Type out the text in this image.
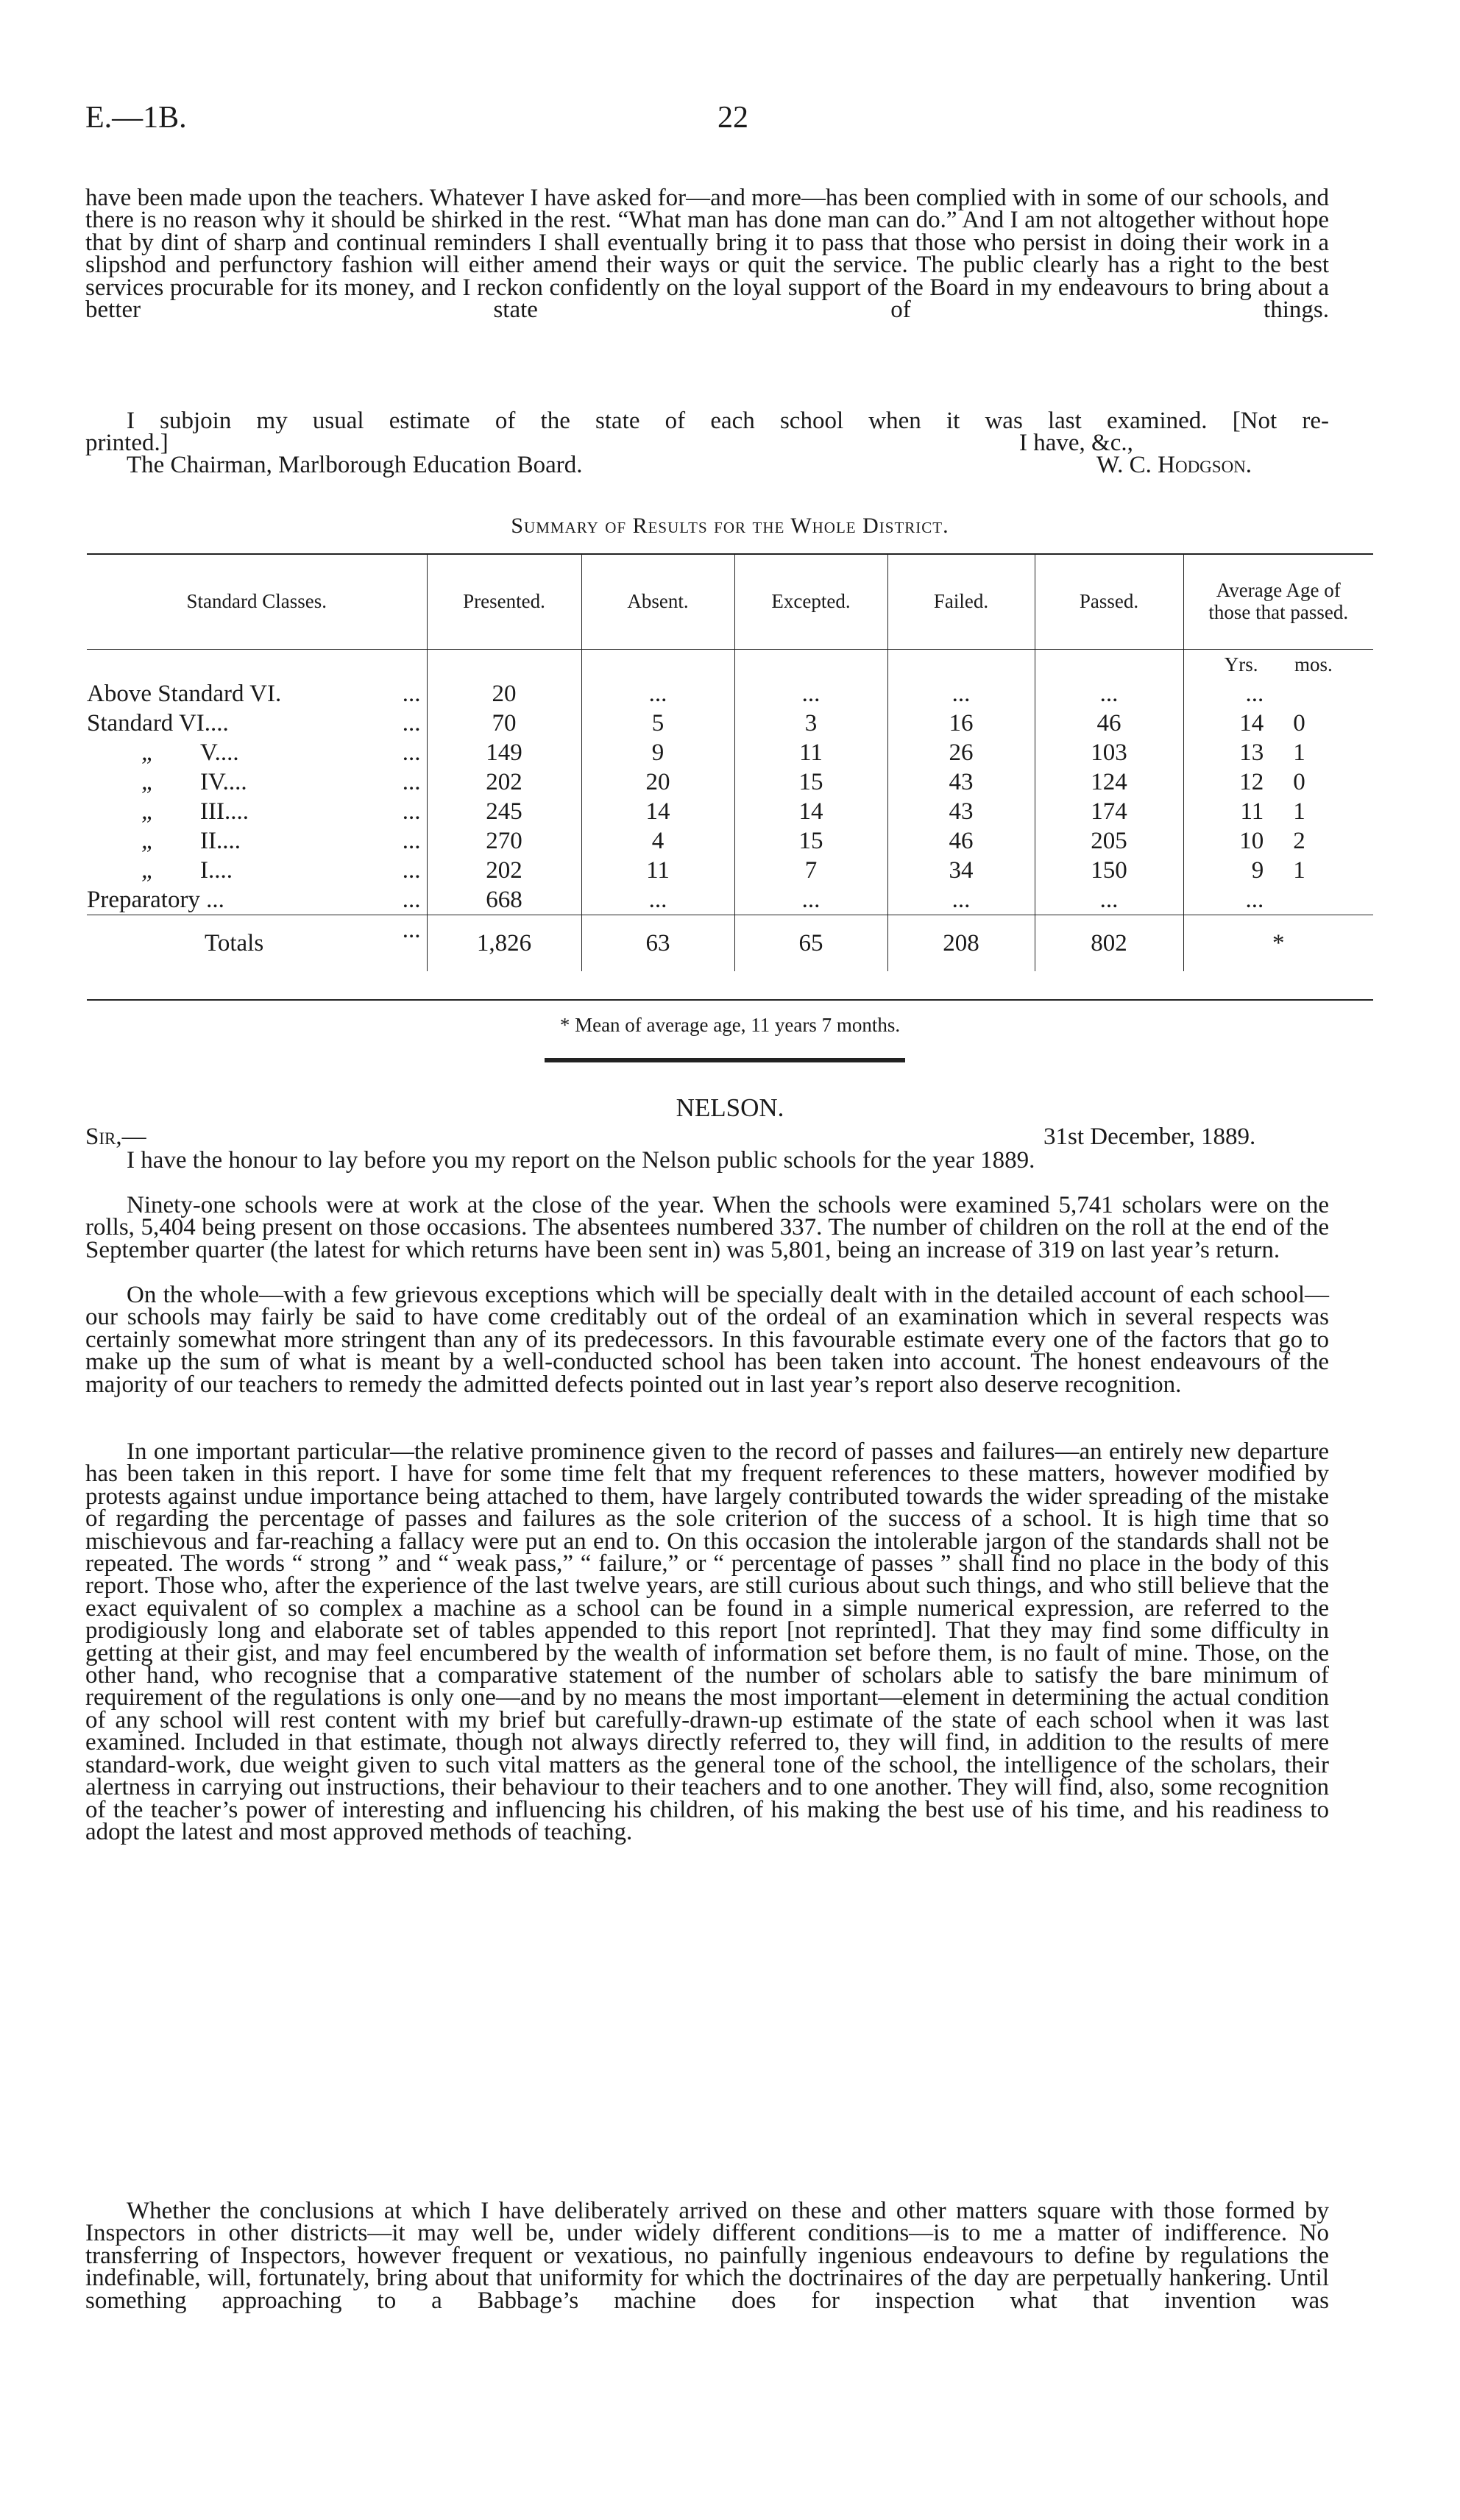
E.—1B.	22
have been made upon the teachers. Whatever I have asked for—and more—has been complied with in some of our schools, and there is no reason why it should be shirked in the rest. “What man has done man can do.” And I am not altogether without hope that by dint of sharp and continual reminders I shall eventually bring it to pass that those who persist in doing their work in a slipshod and perfunctory fashion will either amend their ways or quit the service. The public clearly has a right to the best services procurable for its money, and I reckon confidently on the loyal support of the Board in my endeavours to bring about a better state of things.
I subjoin my usual estimate of the state of each school when it was last examined. [Not re-
printed.]	I have, &c.,
The Chairman, Marlborough Education Board.	W. C. Hodgson.
Summary of Results for the Whole District.
Standard Classes.	Presented.	Absent.	Excepted.	Failed.	Passed.	Average Age of those that passed.
						Yrs. mos.
Above Standard VI. ...	20	...	...	...	...	...
Standard VI.... ...	70	5	3	16	46	14 0
„ V.... ...	149	9	11	26	103	13 1
„ IV.... ...	202	20	15	43	124	12 0
„ III.... ...	245	14	14	43	174	11 1
„ II.... ...	270	4	15	46	205	10 2
„ I.... ...	202	11	7	34	150	9 1
Preparatory ... ...	668	...	...	...	...	...
Totals ...	1,826	63	65	208	802	*
* Mean of average age, 11 years 7 months.
NELSON.
Sir,—	31st December, 1889.
I have the honour to lay before you my report on the Nelson public schools for the year 1889.
Ninety-one schools were at work at the close of the year. When the schools were examined 5,741 scholars were on the rolls, 5,404 being present on those occasions. The absentees numbered 337. The number of children on the roll at the end of the September quarter (the latest for which returns have been sent in) was 5,801, being an increase of 319 on last year’s return.
On the whole—with a few grievous exceptions which will be specially dealt with in the detailed account of each school—our schools may fairly be said to have come creditably out of the ordeal of an examination which in several respects was certainly somewhat more stringent than any of its predecessors. In this favourable estimate every one of the factors that go to make up the sum of what is meant by a well-conducted school has been taken into account. The honest endeavours of the majority of our teachers to remedy the admitted defects pointed out in last year’s report also deserve recognition.
In one important particular—the relative prominence given to the record of passes and failures—an entirely new departure has been taken in this report. I have for some time felt that my frequent references to these matters, however modified by protests against undue importance being attached to them, have largely contributed towards the wider spreading of the mistake of regarding the percentage of passes and failures as the sole criterion of the success of a school. It is high time that so mischievous and far-reaching a fallacy were put an end to. On this occasion the intolerable jargon of the standards shall not be repeated. The words “ strong ” and “ weak pass,” “ failure,” or “ percentage of passes ” shall find no place in the body of this report. Those who, after the experience of the last twelve years, are still curious about such things, and who still believe that the exact equivalent of so complex a machine as a school can be found in a simple numerical expression, are referred to the prodigiously long and elaborate set of tables appended to this report [not reprinted]. That they may find some difficulty in getting at their gist, and may feel encumbered by the wealth of information set before them, is no fault of mine. Those, on the other hand, who recognise that a comparative statement of the number of scholars able to satisfy the bare minimum of requirement of the regulations is only one—and by no means the most important—element in determining the actual condition of any school will rest content with my brief but carefully-drawn-up estimate of the state of each school when it was last examined. Included in that estimate, though not always directly referred to, they will find, in addition to the results of mere standard-work, due weight given to such vital matters as the general tone of the school, the intelligence of the scholars, their alertness in carrying out instructions, their behaviour to their teachers and to one another. They will find, also, some recognition of the teacher’s power of interesting and influencing his children, of his making the best use of his time, and his readiness to adopt the latest and most approved methods of teaching.
Whether the conclusions at which I have deliberately arrived on these and other matters square with those formed by Inspectors in other districts—it may well be, under widely different conditions—is to me a matter of indifference. No transferring of Inspectors, however frequent or vexatious, no painfully ingenious endeavours to define by regulations the indefinable, will, fortunately, bring about that uniformity for which the doctrinaires of the day are perpetually hankering. Until something approaching to a Babbage’s machine does for inspection what that invention was
